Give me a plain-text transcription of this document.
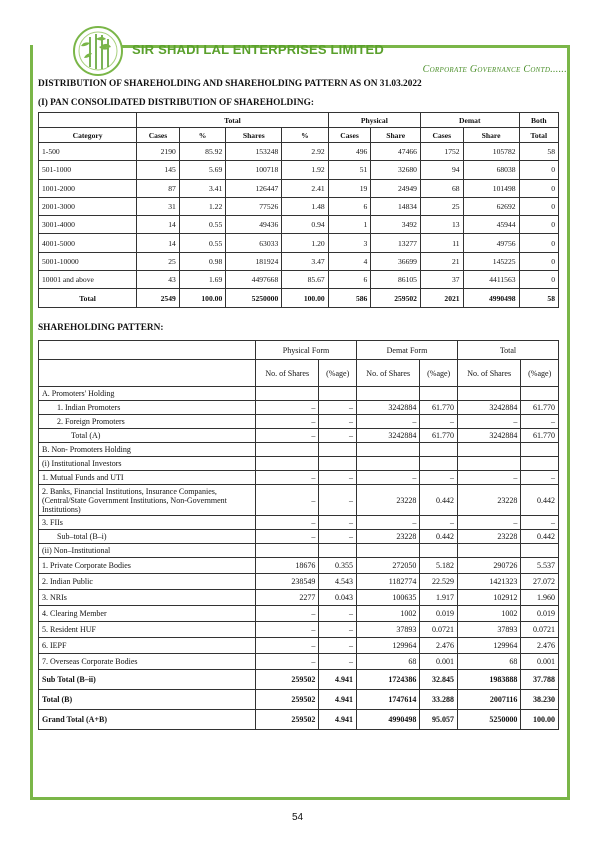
SIR SHADI LAL ENTERPRISES LIMITED
Corporate Governance Contd......
DISTRIBUTION OF SHAREHOLDING AND SHAREHOLDING PATTERN AS ON 31.03.2022
(I) PAN CONSOLIDATED DISTRIBUTION OF SHAREHOLDING:
	Total				Physical		Demat		Both
Category	Cases	%	Shares	%	Cases	Share	Cases	Share	Total
1-500	2190	85.92	153248	2.92	496	47466	1752	105782	58
501-1000	145	5.69	100718	1.92	51	32680	94	68038	0
1001-2000	87	3.41	126447	2.41	19	24949	68	101498	0
2001-3000	31	1.22	77526	1.48	6	14834	25	62692	0
3001-4000	14	0.55	49436	0.94	1	3492	13	45944	0
4001-5000	14	0.55	63033	1.20	3	13277	11	49756	0
5001-10000	25	0.98	181924	3.47	4	36699	21	145225	0
10001 and above	43	1.69	4497668	85.67	6	86105	37	4411563	0
Total	2549	100.00	5250000	100.00	586	259502	2021	4990498	58
SHAREHOLDING PATTERN:
	Physical Form		Demat Form		Total	
	No. of Shares	(%age)	No. of Shares	(%age)	No. of Shares	(%age)
A. Promoters' Holding						
1. Indian Promoters	–	–	3242884	61.770	3242884	61.770
2. Foreign Promoters	–	–	–	–	–	–
Total (A)	–	–	3242884	61.770	3242884	61.770
B. Non- Promoters Holding						
(i) Institutional Investors						
1. Mutual Funds and UTI	–	–	–	–	–	–
2. Banks, Financial Institutions, Insurance Companies, (Central/State Government Institutions, Non-Government Institutions)	–	–	23228	0.442	23228	0.442
3. FIIs	–	–	–	–	–	–
Sub–total (B–i)	–	–	23228	0.442	23228	0.442
(ii) Non–Institutional						
1. Private Corporate Bodies	18676	0.355	272050	5.182	290726	5.537
2. Indian Public	238549	4.543	1182774	22.529	1421323	27.072
3. NRIs	2277	0.043	100635	1.917	102912	1.960
4. Clearing Member	–	–	1002	0.019	1002	0.019
5. Resident HUF	–	–	37893	0.0721	37893	0.0721
6. IEPF	–	–	129964	2.476	129964	2.476
7. Overseas Corporate Bodies	–	–	68	0.001	68	0.001
Sub Total (B–ii)	259502	4.941	1724386	32.845	1983888	37.788
Total (B)	259502	4.941	1747614	33.288	2007116	38.230
Grand Total (A+B)	259502	4.941	4990498	95.057	5250000	100.00
54
